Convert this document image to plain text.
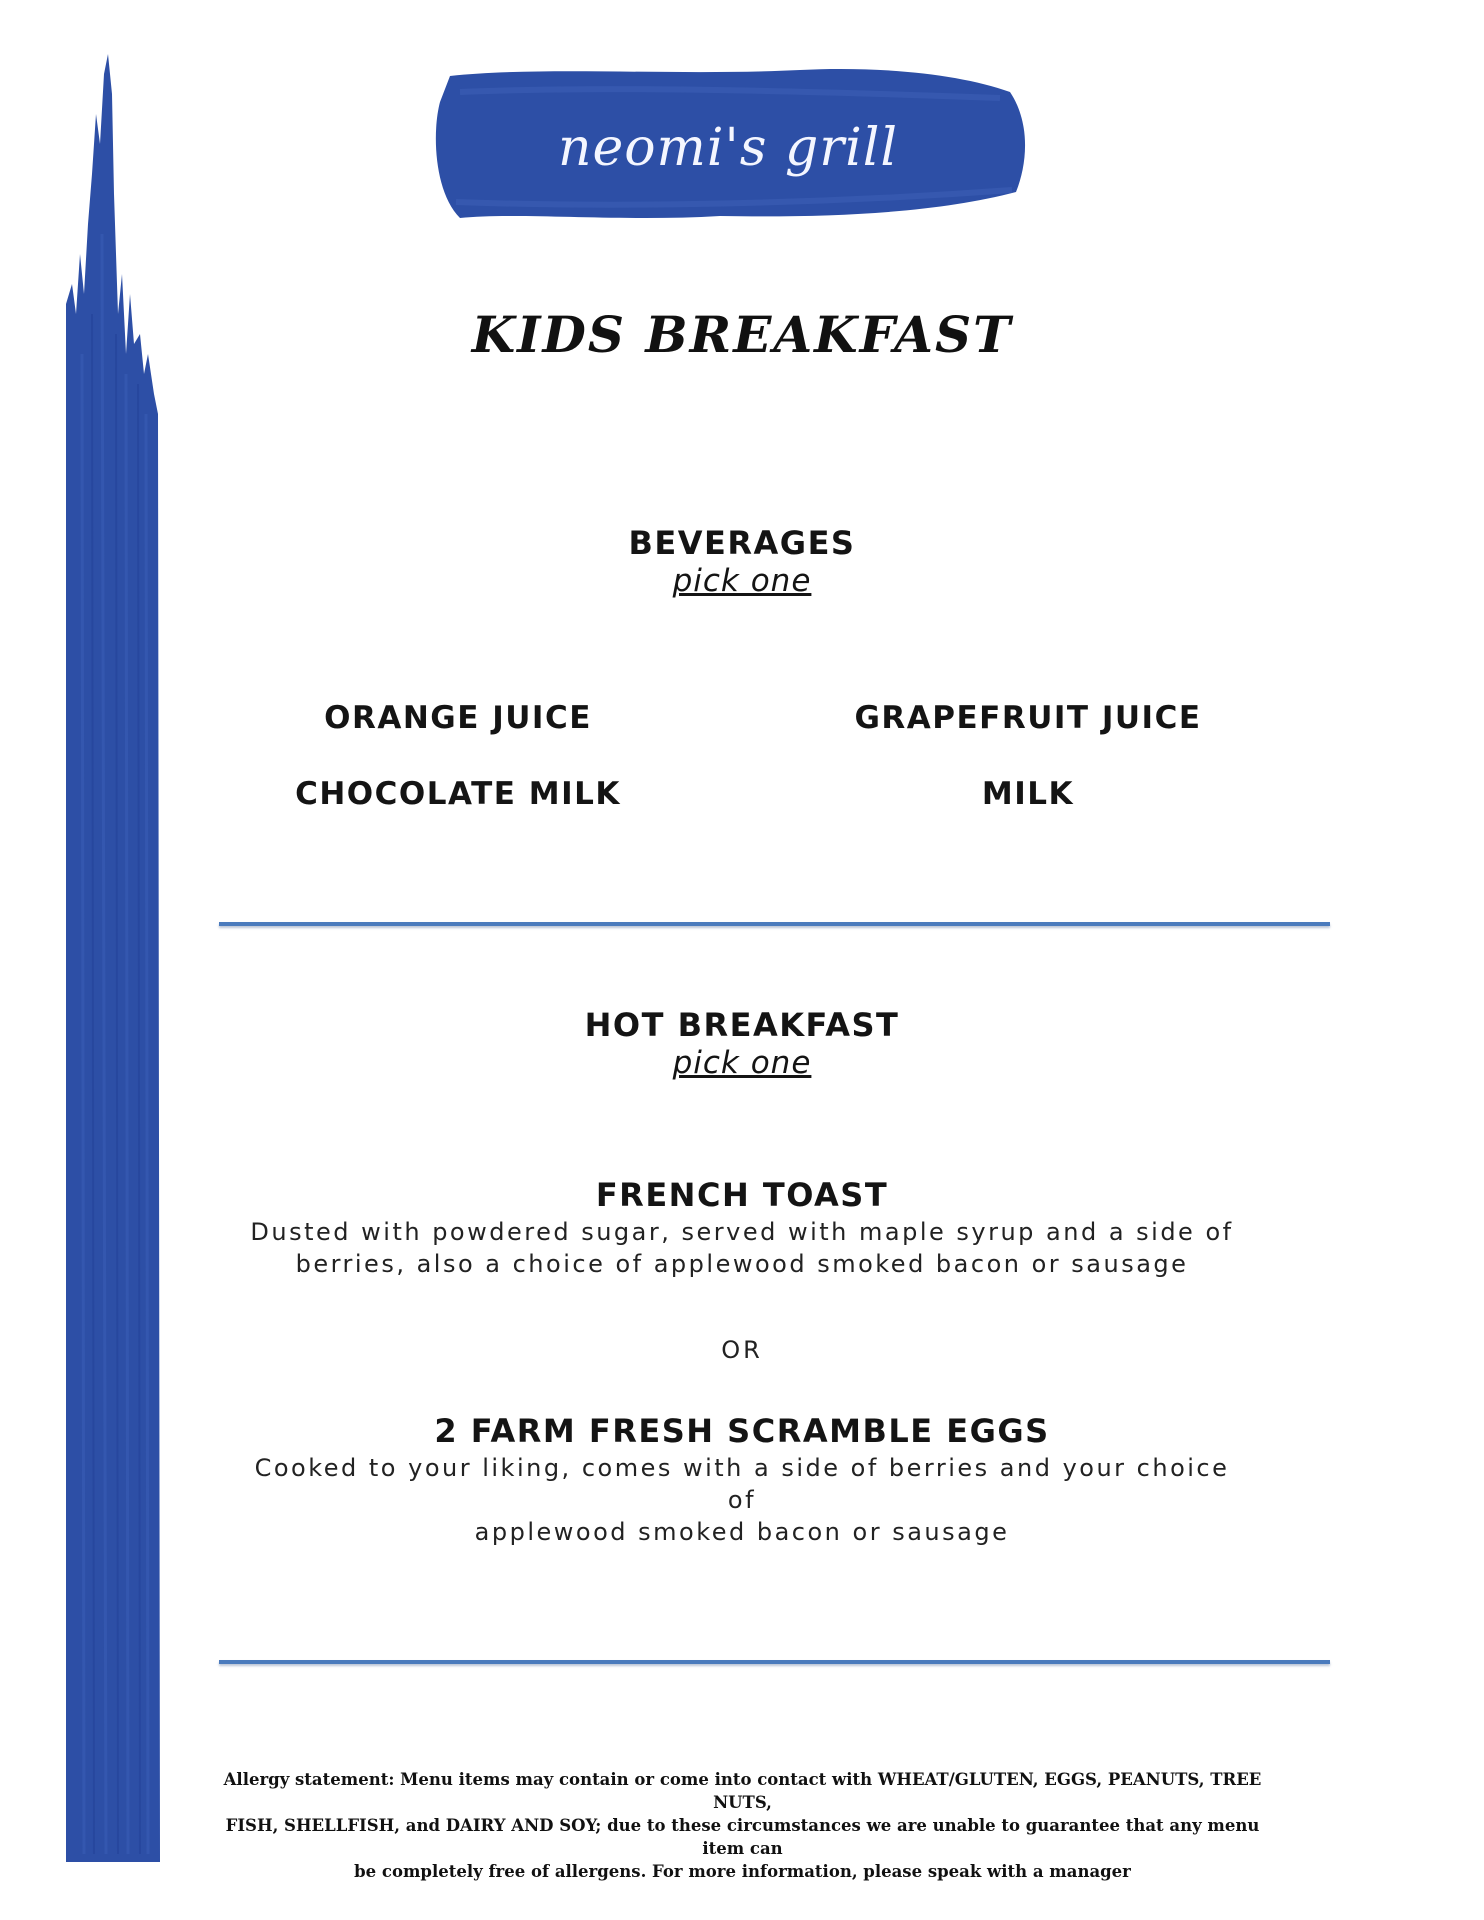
neomi's grill
KIDS BREAKFAST
BEVERAGES
pick one
ORANGE JUICE	GRAPEFRUIT JUICE
CHOCOLATE MILK	MILK
HOT BREAKFAST
pick one
FRENCH TOAST
Dusted with powdered sugar, served with maple syrup and a side of
berries, also a choice of applewood smoked bacon or sausage
OR
2 FARM FRESH SCRAMBLE EGGS
Cooked to your liking, comes with a side of berries and your choice of
applewood smoked bacon or sausage
Allergy statement: Menu items may contain or come into contact with WHEAT/GLUTEN, EGGS, PEANUTS, TREE NUTS,
FISH, SHELLFISH, and DAIRY AND SOY; due to these circumstances we are unable to guarantee that any menu item can
be completely free of allergens. For more information, please speak with a manager
